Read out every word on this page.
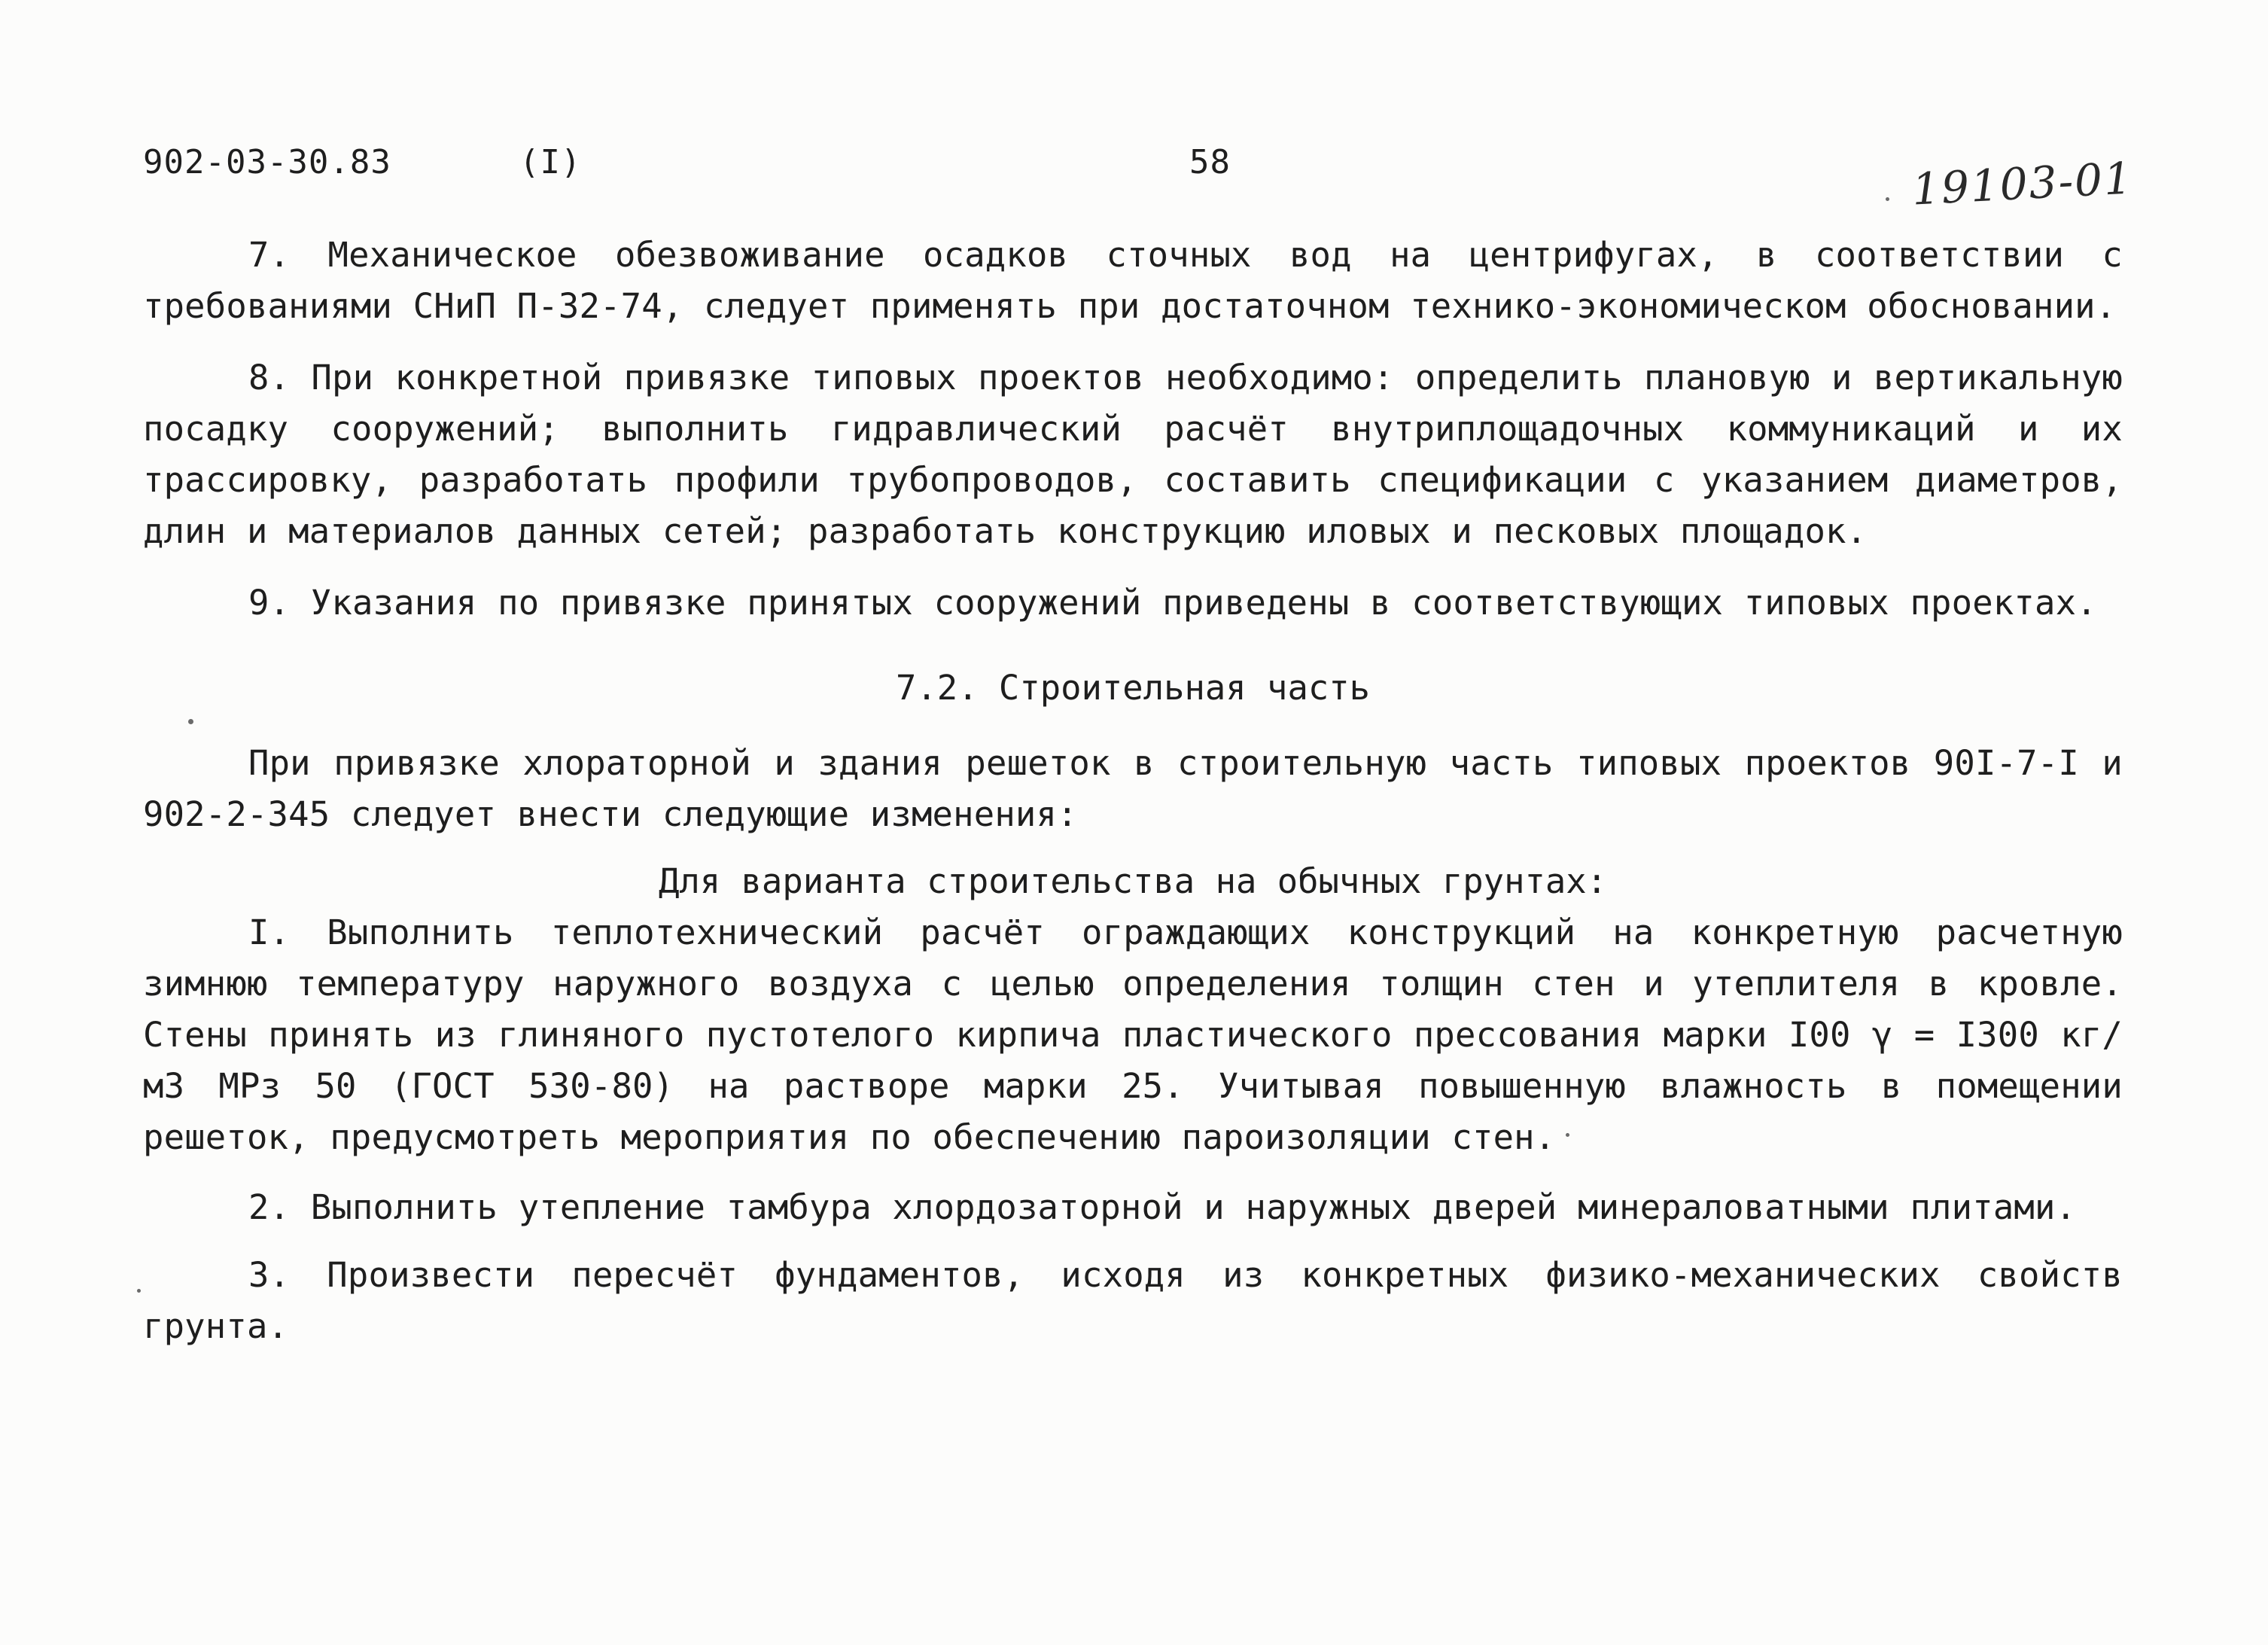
902-03-30.83	(I)	58	19103-01

7. Механическое обезвоживание осадков сточных вод на центрифугах, в соответствии с требованиями СНиП П-32-74, следует применять при достаточном технико-экономическом обосновании.

8. При конкретной привязке типовых проектов необходимо: определить плановую и вертикальную посадку сооружений; выполнить гидравлический расчёт внутриплощадочных коммуникаций и их трассировку, разработать профили трубопроводов, составить спецификации с указанием диаметров, длин и материалов данных сетей; разработать конструкцию иловых и песковых площадок.

9. Указания по привязке принятых сооружений приведены в соответствующих типовых проектах.

7.2. Строительная часть

При привязке хлораторной и здания решеток в строительную часть типовых проектов 90I-7-I и 902-2-345 следует внести следующие изменения:

Для варианта строительства на обычных грунтах:

I. Выполнить теплотехнический расчёт ограждающих конструкций на конкретную расчетную зимнюю температуру наружного воздуха с целью определения толщин стен и утеплителя в кровле. Стены принять из глиняного пустотелого кирпича пластического прессования марки I00 γ = I300 кг/м3 МРз 50 (ГОСТ 530-80) на растворе марки 25. Учитывая повышенную влажность в помещении решеток, предусмотреть мероприятия по обеспечению пароизоляции стен.

2. Выполнить утепление тамбура хлордозаторной и наружных дверей минераловатными плитами.

3. Произвести пересчёт фундаментов, исходя из конкретных физико-механических свойств грунта.
